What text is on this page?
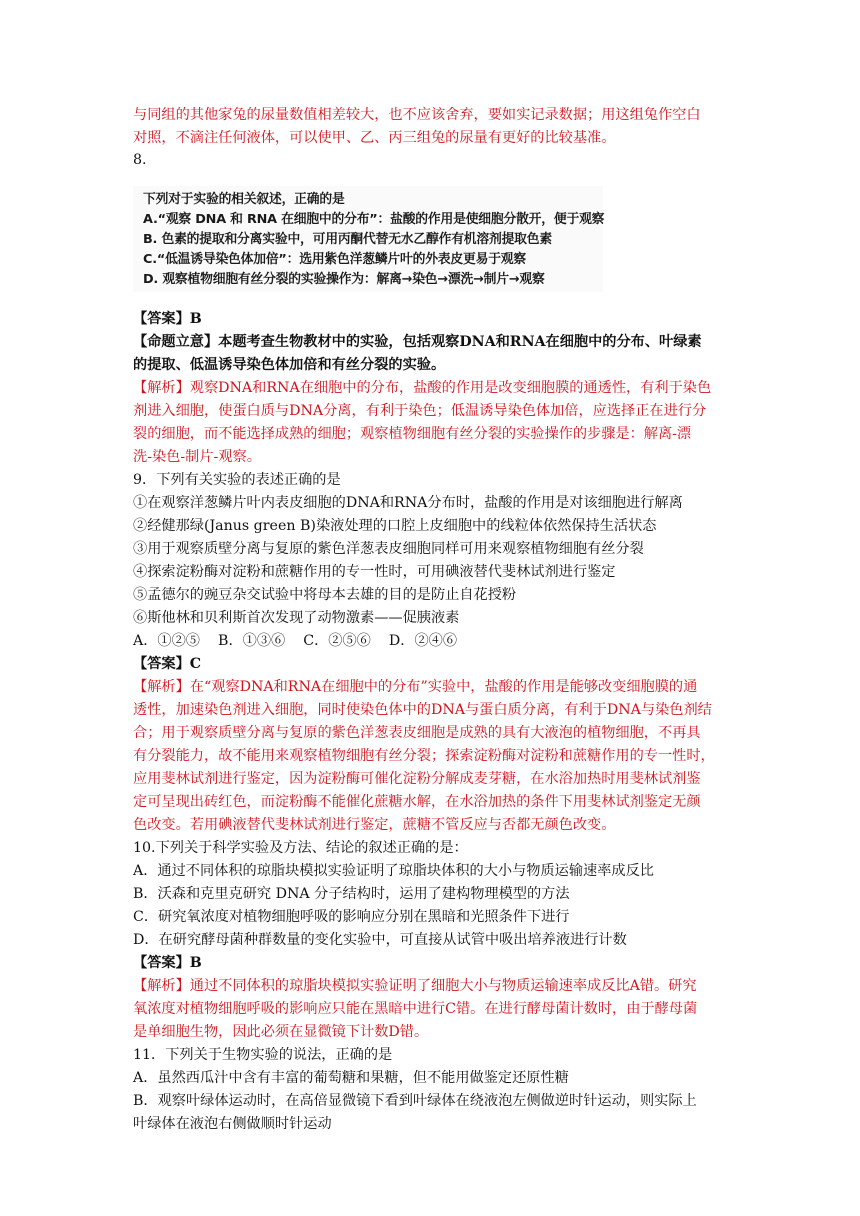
与同组的其他家兔的尿量数值相差较大，也不应该舍弃，要如实记录数据；用这组兔作空白

对照，不滴注任何液体，可以使甲、乙、丙三组兔的尿量有更好的比较基准。

8.

下列对于实验的相关叙述，正确的是

A.“观察 DNA 和 RNA 在细胞中的分布”：盐酸的作用是使细胞分散开，便于观察

B. 色素的提取和分离实验中，可用丙酮代替无水乙醇作有机溶剂提取色素

C.“低温诱导染色体加倍”：选用紫色洋葱鳞片叶的外表皮更易于观察

D. 观察植物细胞有丝分裂的实验操作为：解离→染色→漂洗→制片→观察

【答案】B

【命题立意】本题考查生物教材中的实验，包括观察DNA和RNA在细胞中的分布、叶绿素

的提取、低温诱导染色体加倍和有丝分裂的实验。

【解析】观察DNA和RNA在细胞中的分布，盐酸的作用是改变细胞膜的通透性，有利于染色

剂进入细胞，使蛋白质与DNA分离，有利于染色；低温诱导染色体加倍，应选择正在进行分

裂的细胞，而不能选择成熟的细胞；观察植物细胞有丝分裂的实验操作的步骤是：解离-漂

洗-染色-制片-观察。

9．下列有关实验的表述正确的是

①在观察洋葱鳞片叶内表皮细胞的DNA和RNA分布时，盐酸的作用是对该细胞进行解离

②经健那绿(Janus green B)染液处理的口腔上皮细胞中的线粒体依然保持生活状态

③用于观察质壁分离与复原的紫色洋葱表皮细胞同样可用来观察植物细胞有丝分裂

④探索淀粉酶对淀粉和蔗糖作用的专一性时，可用碘液替代斐林试剂进行鉴定

⑤孟德尔的豌豆杂交试验中将母本去雄的目的是防止自花授粉

⑥斯他林和贝利斯首次发现了动物激素——促胰液素

A．①②⑤    B．①③⑥    C．②⑤⑥    D．②④⑥

【答案】C

【解析】在“观察DNA和RNA在细胞中的分布”实验中，盐酸的作用是能够改变细胞膜的通

透性，加速染色剂进入细胞，同时使染色体中的DNA与蛋白质分离，有利于DNA与染色剂结

合；用于观察质壁分离与复原的紫色洋葱表皮细胞是成熟的具有大液泡的植物细胞，不再具

有分裂能力，故不能用来观察植物细胞有丝分裂；探索淀粉酶对淀粉和蔗糖作用的专一性时，

应用斐林试剂进行鉴定，因为淀粉酶可催化淀粉分解成麦芽糖，在水浴加热时用斐林试剂鉴

定可呈现出砖红色，而淀粉酶不能催化蔗糖水解，在水浴加热的条件下用斐林试剂鉴定无颜

色改变。若用碘液替代斐林试剂进行鉴定，蔗糖不管反应与否都无颜色改变。

10.下列关于科学实验及方法、结论的叙述正确的是：

A．通过不同体积的琼脂块模拟实验证明了琼脂块体积的大小与物质运输速率成反比

B．沃森和克里克研究 DNA 分子结构时，运用了建构物理模型的方法

C．研究氧浓度对植物细胞呼吸的影响应分别在黑暗和光照条件下进行

D．在研究酵母菌种群数量的变化实验中，可直接从试管中吸出培养液进行计数

【答案】B

【解析】通过不同体积的琼脂块模拟实验证明了细胞大小与物质运输速率成反比A错。研究

氧浓度对植物细胞呼吸的影响应只能在黑暗中进行C错。在进行酵母菌计数时，由于酵母菌

是单细胞生物，因此必须在显微镜下计数D错。

11．下列关于生物实验的说法，正确的是

A．虽然西瓜汁中含有丰富的葡萄糖和果糖，但不能用做鉴定还原性糖

B．观察叶绿体运动时，在高倍显微镜下看到叶绿体在绕液泡左侧做逆时针运动，则实际上

叶绿体在液泡右侧做顺时针运动
